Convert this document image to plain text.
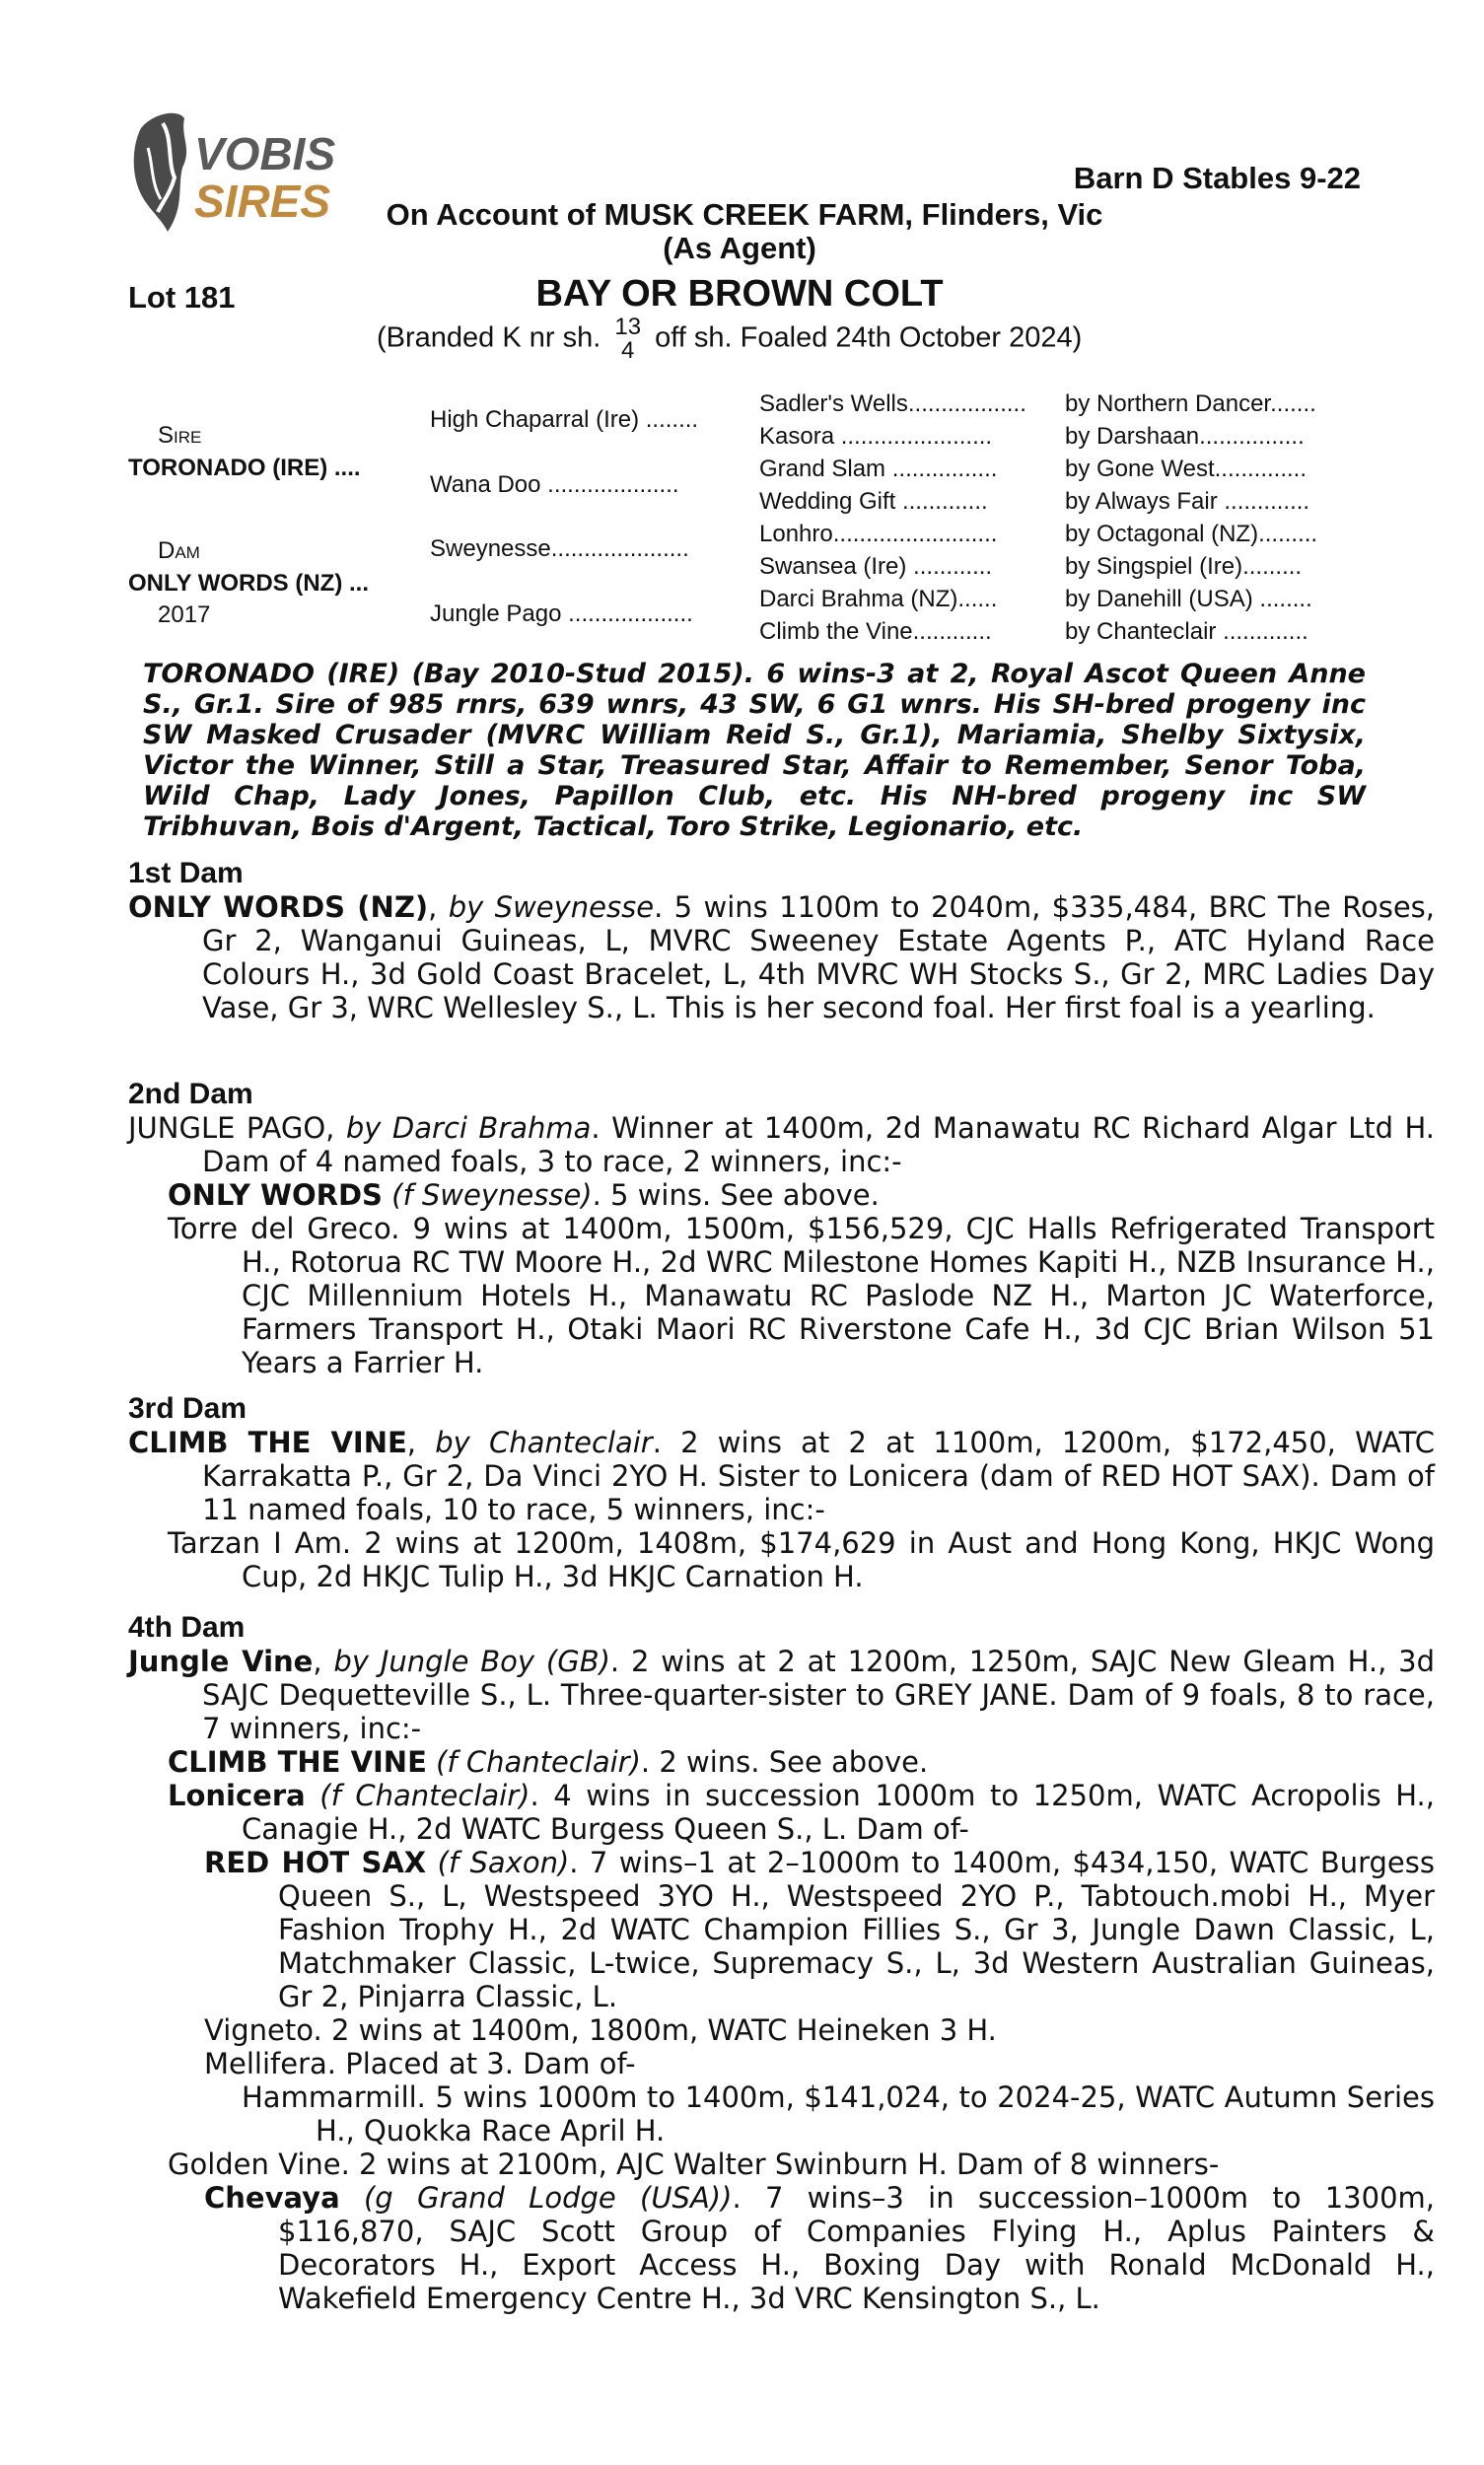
VOBIS
SIRES	Barn D Stables 9-22
On Account of MUSK CREEK FARM, Flinders, Vic
(As Agent)
Lot 181	BAY OR BROWN COLT
(Branded K nr sh. 13
4 off sh. Foaled 24th October 2024)
Sire
TORONADO (IRE) ....
Dam
ONLY WORDS (NZ) ...
2017
High Chaparral (Ire) ........
Wana Doo ....................
Sweynesse.....................
Jungle Pago ...................
Sadler's Wells..................
Kasora .......................
Grand Slam ................
Wedding Gift .............
Lonhro.........................
Swansea (Ire) ............
Darci Brahma (NZ)......
Climb the Vine............
by Northern Dancer.......
by Darshaan................
by Gone West..............
by Always Fair .............
by Octagonal (NZ).........
by Singspiel (Ire).........
by Danehill (USA) ........
by Chanteclair .............
TORONADO (IRE) (Bay 2010-Stud 2015). 6 wins-3 at 2, Royal Ascot Queen Anne S., Gr.1. Sire of 985 rnrs, 639 wnrs, 43 SW, 6 G1 wnrs. His SH-bred progeny inc SW Masked Crusader (MVRC William Reid S., Gr.1), Mariamia, Shelby Sixtysix, Victor the Winner, Still a Star, Treasured Star, Affair to Remember, Senor Toba, Wild Chap, Lady Jones, Papillon Club, etc. His NH-bred progeny inc SW Tribhuvan, Bois d'Argent, Tactical, Toro Strike, Legionario, etc.
1st Dam
ONLY WORDS (NZ), by Sweynesse. 5 wins 1100m to 2040m, $335,484, BRC The Roses, Gr 2, Wanganui Guineas, L, MVRC Sweeney Estate Agents P., ATC Hyland Race Colours H., 3d Gold Coast Bracelet, L, 4th MVRC WH Stocks S., Gr 2, MRC Ladies Day Vase, Gr 3, WRC Wellesley S., L. This is her second foal. Her first foal is a yearling.
2nd Dam
JUNGLE PAGO, by Darci Brahma. Winner at 1400m, 2d Manawatu RC Richard Algar Ltd H. Dam of 4 named foals, 3 to race, 2 winners, inc:-
ONLY WORDS (f Sweynesse). 5 wins. See above.
Torre del Greco. 9 wins at 1400m, 1500m, $156,529, CJC Halls Refrigerated Transport H., Rotorua RC TW Moore H., 2d WRC Milestone Homes Kapiti H., NZB Insurance H., CJC Millennium Hotels H., Manawatu RC Paslode NZ H., Marton JC Waterforce, Farmers Transport H., Otaki Maori RC Riverstone Cafe H., 3d CJC Brian Wilson 51 Years a Farrier H.
3rd Dam
CLIMB THE VINE, by Chanteclair. 2 wins at 2 at 1100m, 1200m, $172,450, WATC Karrakatta P., Gr 2, Da Vinci 2YO H. Sister to Lonicera (dam of RED HOT SAX). Dam of 11 named foals, 10 to race, 5 winners, inc:-
Tarzan I Am. 2 wins at 1200m, 1408m, $174,629 in Aust and Hong Kong, HKJC Wong Cup, 2d HKJC Tulip H., 3d HKJC Carnation H.
4th Dam
Jungle Vine, by Jungle Boy (GB). 2 wins at 2 at 1200m, 1250m, SAJC New Gleam H., 3d SAJC Dequetteville S., L. Three-quarter-sister to GREY JANE. Dam of 9 foals, 8 to race, 7 winners, inc:-
CLIMB THE VINE (f Chanteclair). 2 wins. See above.
Lonicera (f Chanteclair). 4 wins in succession 1000m to 1250m, WATC Acropolis H., Canagie H., 2d WATC Burgess Queen S., L. Dam of-
RED HOT SAX (f Saxon). 7 wins–1 at 2–1000m to 1400m, $434,150, WATC Burgess Queen S., L, Westspeed 3YO H., Westspeed 2YO P., Tabtouch.mobi H., Myer Fashion Trophy H., 2d WATC Champion Fillies S., Gr 3, Jungle Dawn Classic, L, Matchmaker Classic, L-twice, Supremacy S., L, 3d Western Australian Guineas, Gr 2, Pinjarra Classic, L.
Vigneto. 2 wins at 1400m, 1800m, WATC Heineken 3 H.
Mellifera. Placed at 3. Dam of-
Hammarmill. 5 wins 1000m to 1400m, $141,024, to 2024-25, WATC Autumn Series H., Quokka Race April H.
Golden Vine. 2 wins at 2100m, AJC Walter Swinburn H. Dam of 8 winners-
Chevaya (g Grand Lodge (USA)). 7 wins–3 in succession–1000m to 1300m, $116,870, SAJC Scott Group of Companies Flying H., Aplus Painters & Decorators H., Export Access H., Boxing Day with Ronald McDonald H., Wakefield Emergency Centre H., 3d VRC Kensington S., L.
